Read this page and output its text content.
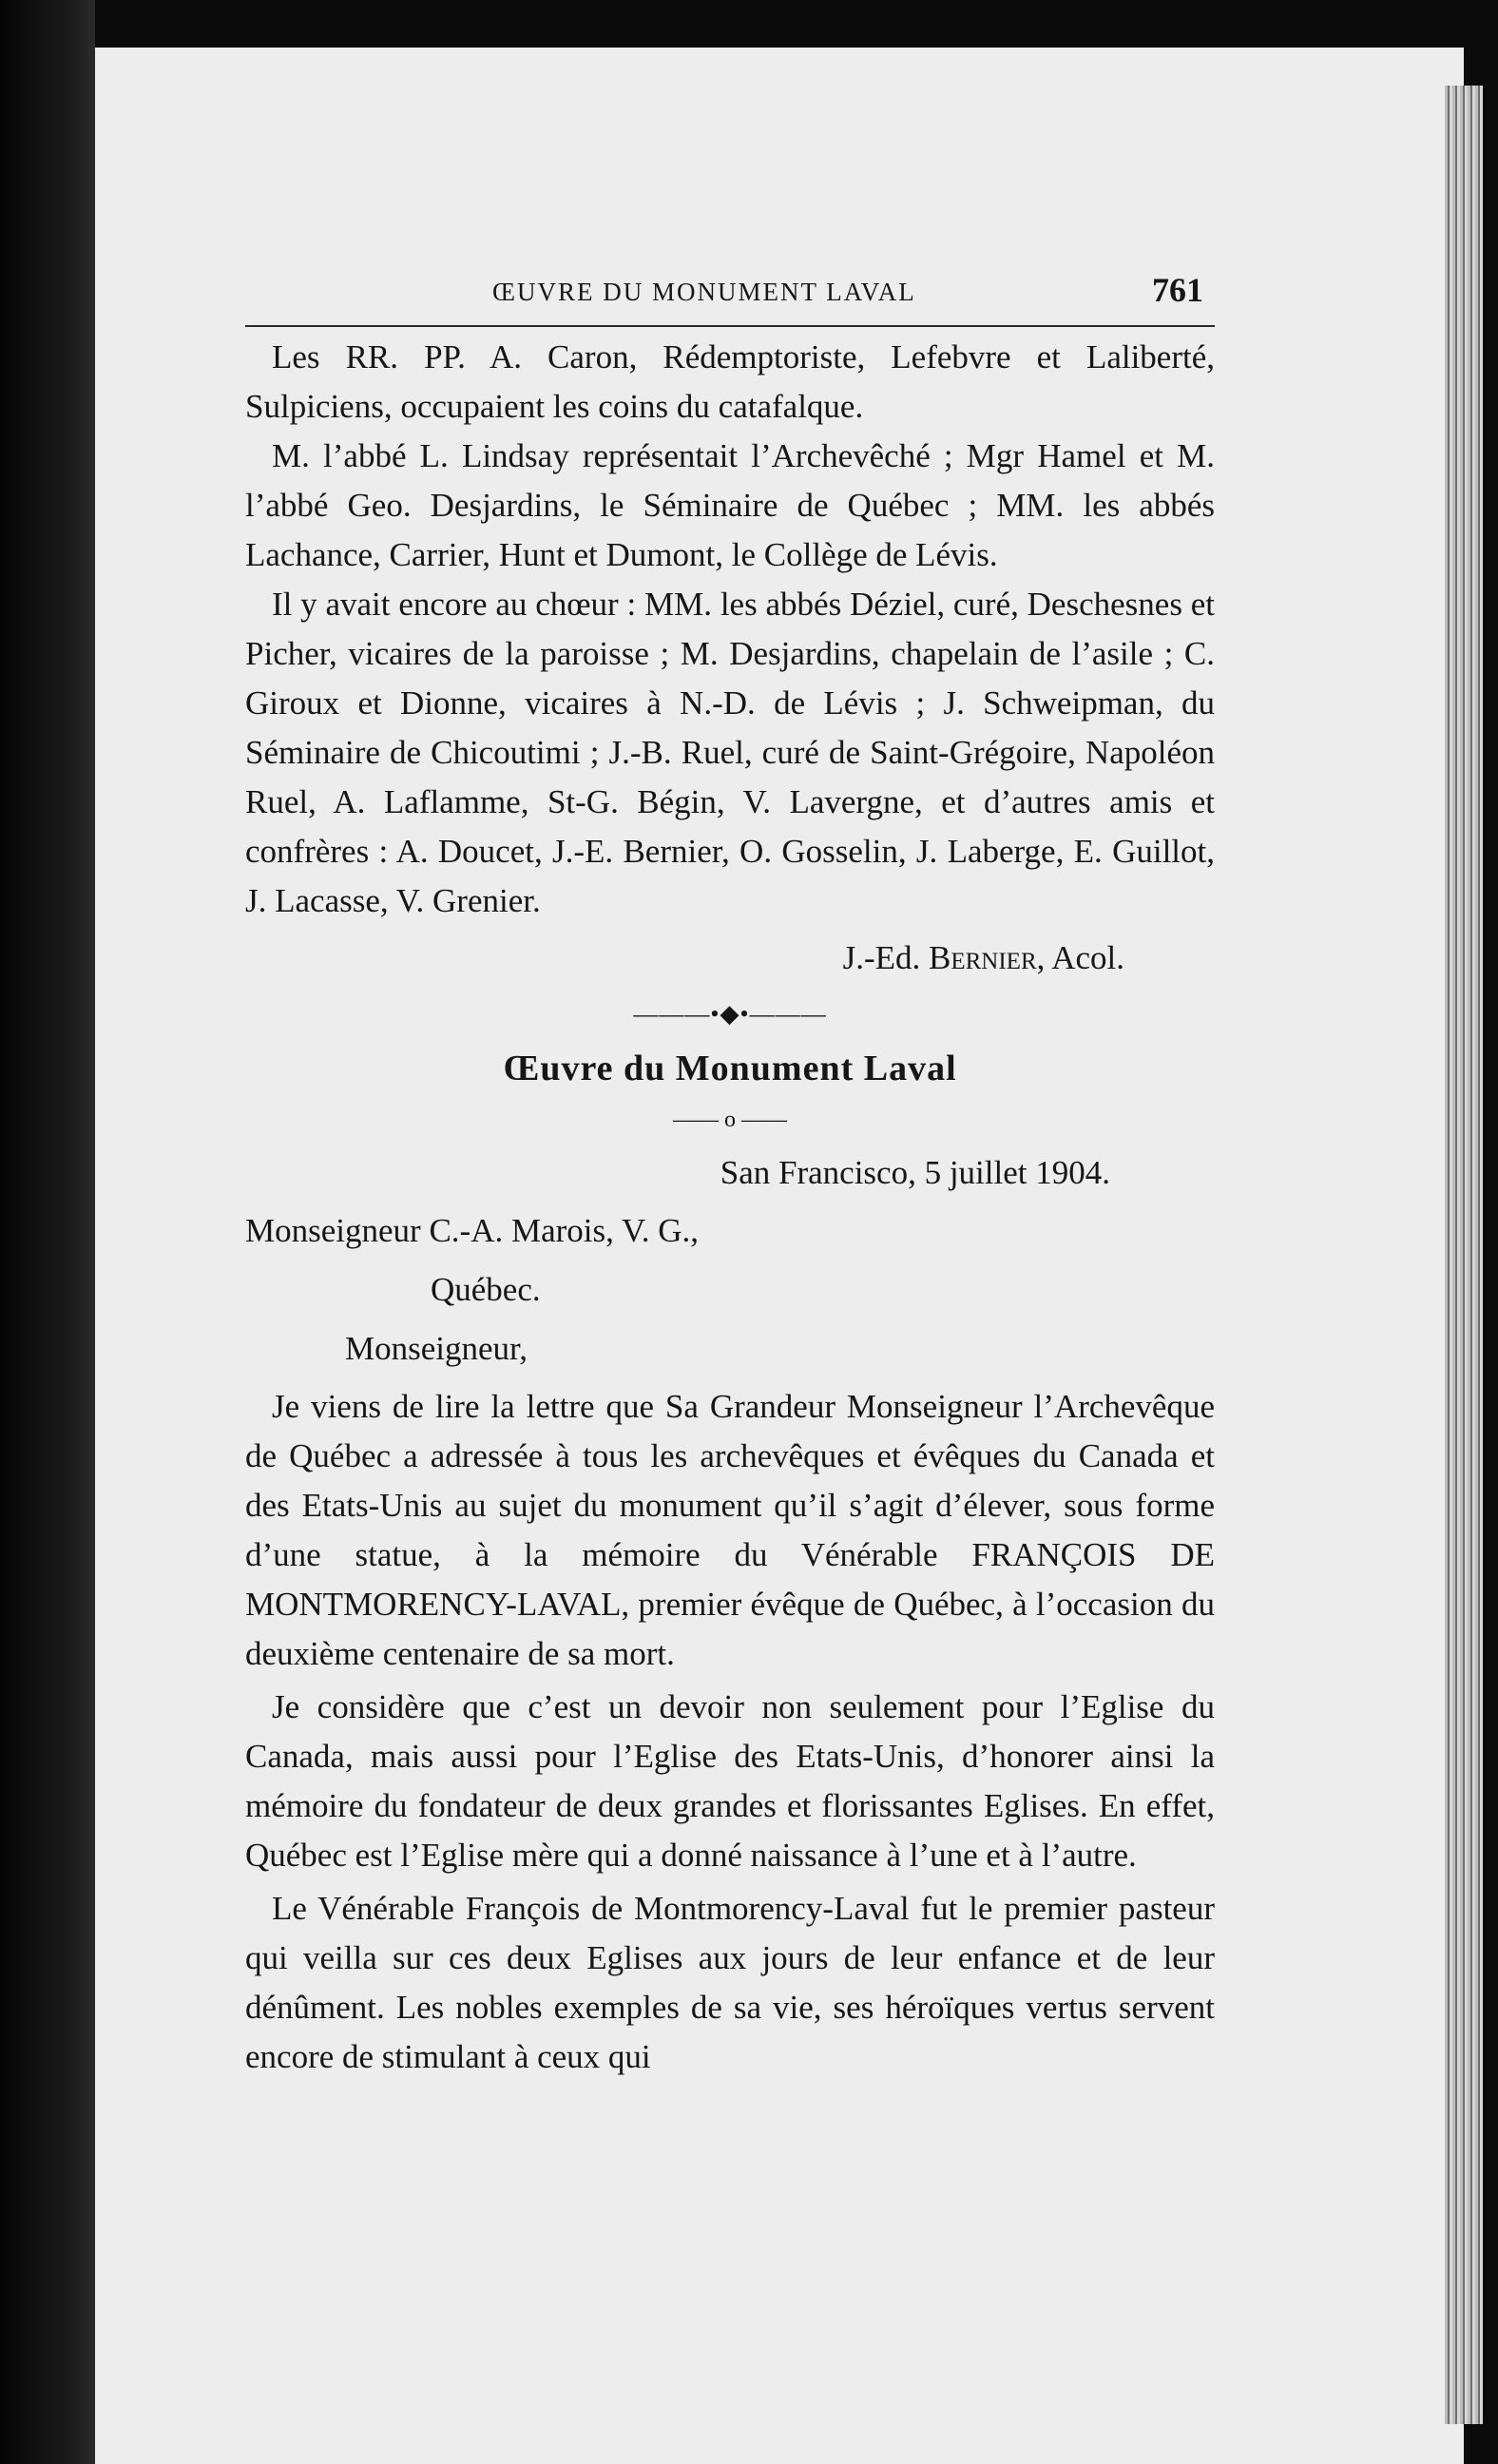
ŒUVRE DU MONUMENT LAVAL	761

Les RR. PP. A. Caron, Rédemptoriste, Lefebvre et Laliberté, Sulpiciens, occupaient les coins du catafalque.

M. l’abbé L. Lindsay représentait l’Archevêché ; Mgr Hamel et M. l’abbé Geo. Desjardins, le Séminaire de Québec ; MM. les abbés Lachance, Carrier, Hunt et Dumont, le Collège de Lévis.

Il y avait encore au chœur : MM. les abbés Déziel, curé, Deschesnes et Picher, vicaires de la paroisse ; M. Desjardins, chapelain de l’asile ; C. Giroux et Dionne, vicaires à N.-D. de Lévis ; J. Schweipman, du Séminaire de Chicoutimi ; J.-B. Ruel, curé de Saint-Grégoire, Napoléon Ruel, A. Laflamme, St-G. Bégin, V. Lavergne, et d’autres amis et confrères : A. Doucet, J.-E. Bernier, O. Gosselin, J. Laberge, E. Guillot, J. Lacasse, V. Grenier.

J.-Ed. Bernier, Acol.
———•◆•———
Œuvre du Monument Laval
—— o ——
San Francisco, 5 juillet 1904.
Monseigneur C.-A. Marois, V. G.,
Québec.
Monseigneur,

Je viens de lire la lettre que Sa Grandeur Monseigneur l’Archevêque de Québec a adressée à tous les archevêques et évêques du Canada et des Etats-Unis au sujet du monument qu’il s’agit d’élever, sous forme d’une statue, à la mémoire du Vénérable FRANÇOIS DE MONTMORENCY-LAVAL, premier évêque de Québec, à l’occasion du deuxième centenaire de sa mort.

Je considère que c’est un devoir non seulement pour l’Eglise du Canada, mais aussi pour l’Eglise des Etats-Unis, d’honorer ainsi la mémoire du fondateur de deux grandes et florissantes Eglises. En effet, Québec est l’Eglise mère qui a donné naissance à l’une et à l’autre.

Le Vénérable François de Montmorency-Laval fut le premier pasteur qui veilla sur ces deux Eglises aux jours de leur enfance et de leur dénûment. Les nobles exemples de sa vie, ses héroïques vertus servent encore de stimulant à ceux qui
